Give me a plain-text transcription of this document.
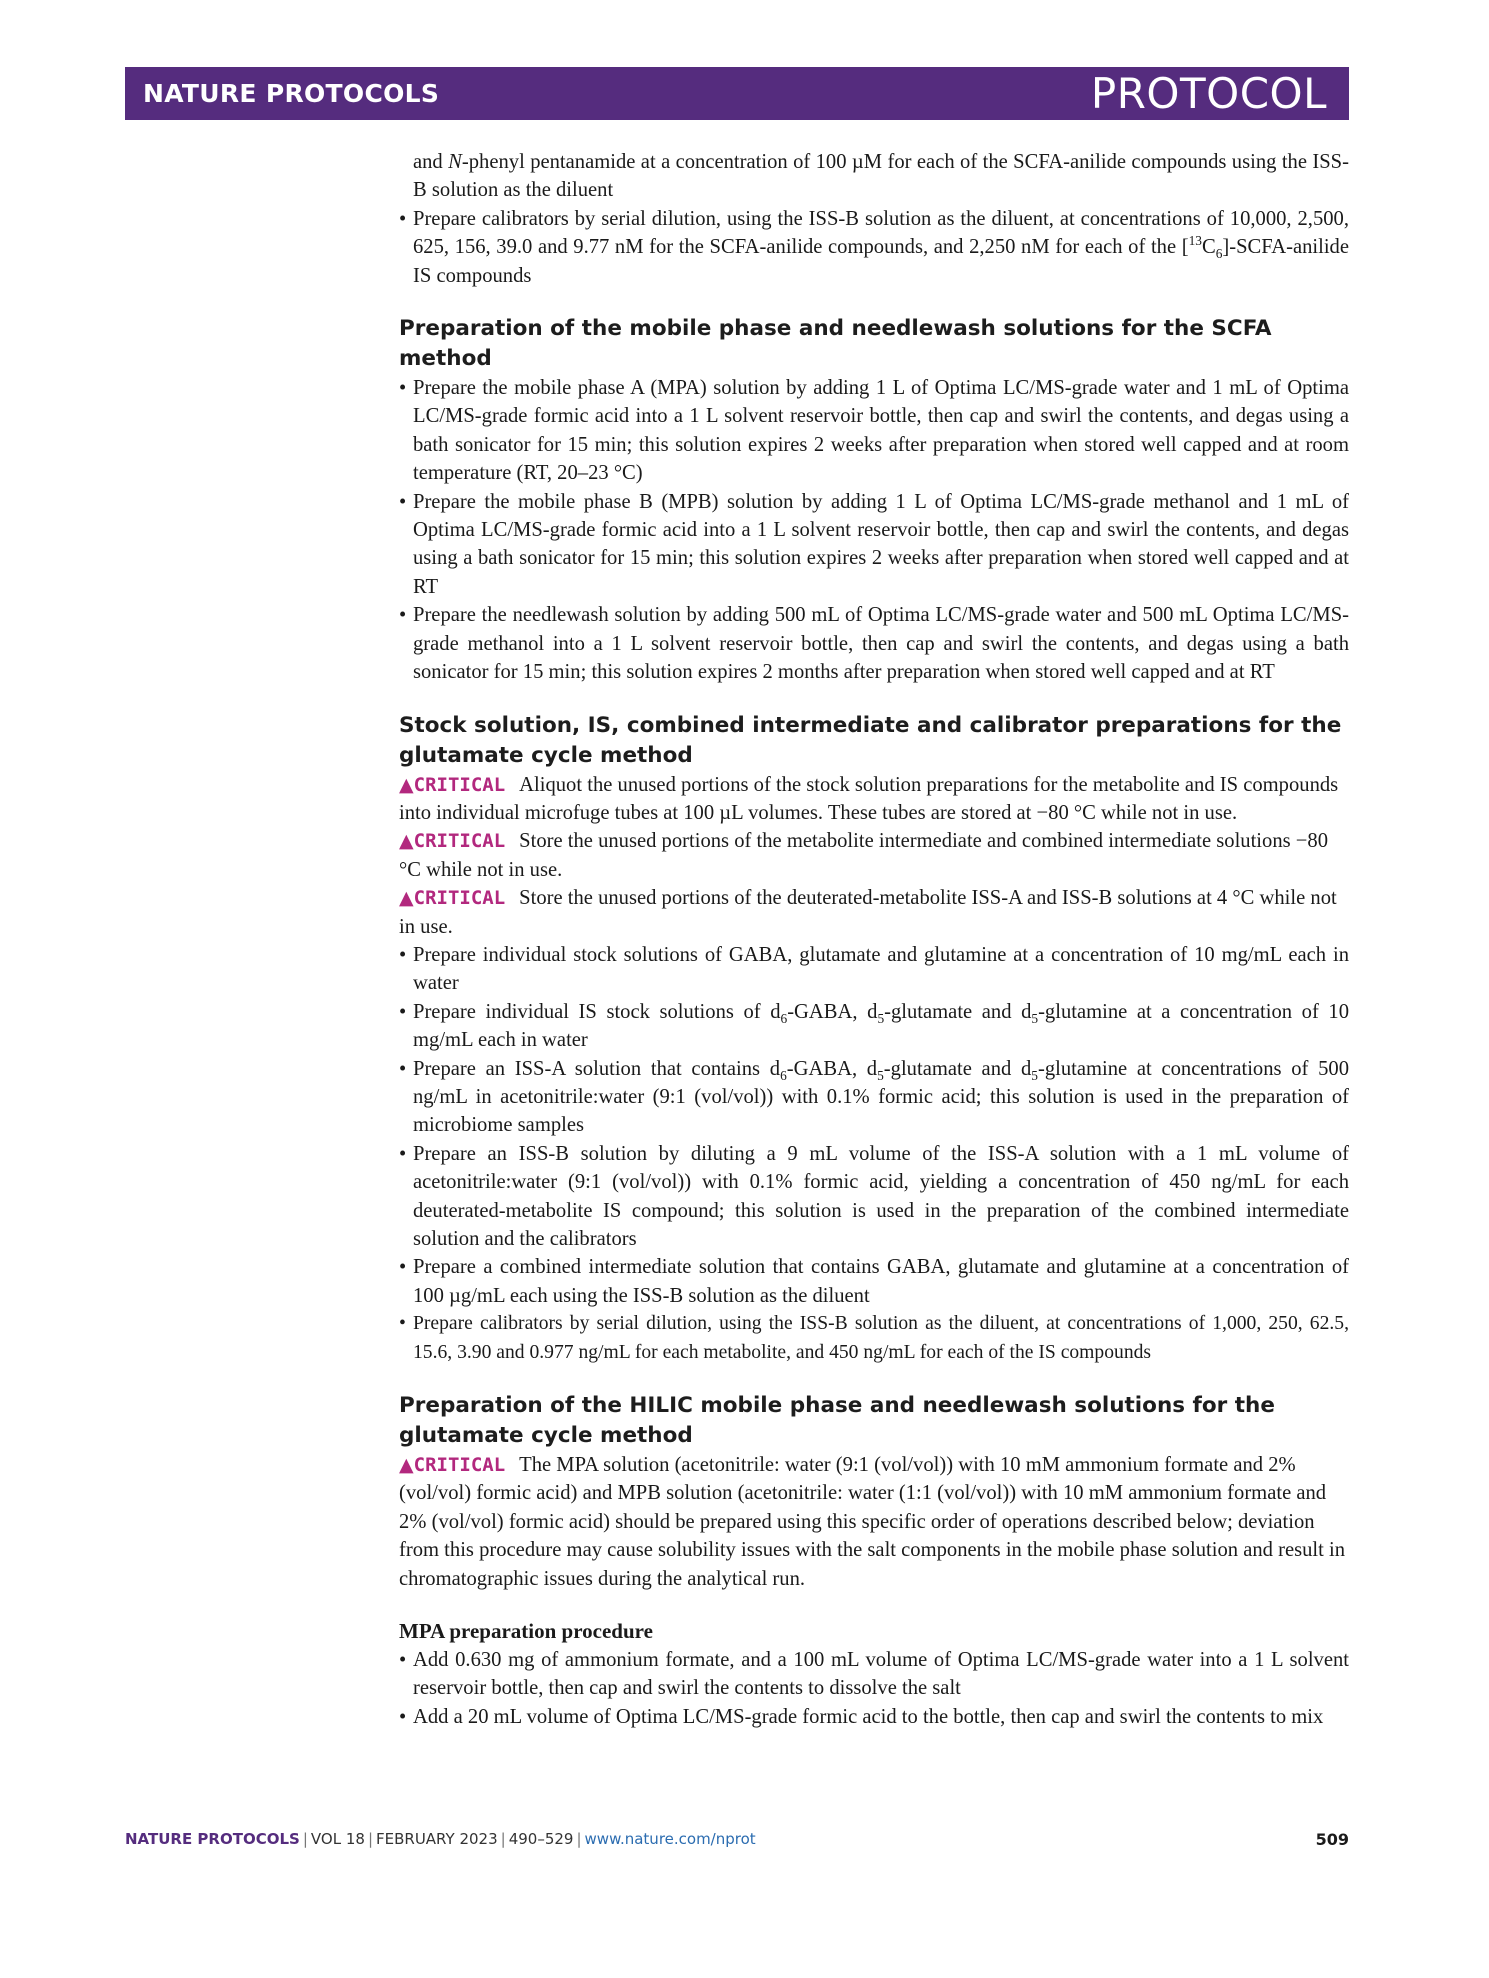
NATURE PROTOCOLS	PROTOCOL

and N-phenyl pentanamide at a concentration of 100 µM for each of the SCFA-anilide compounds using the ISS-B solution as the diluent

• Prepare calibrators by serial dilution, using the ISS-B solution as the diluent, at concentrations of 10,000, 2,500, 625, 156, 39.0 and 9.77 nM for the SCFA-anilide compounds, and 2,250 nM for each of the $[^{13}C_6]-SCFA$-anilide IS compounds

Preparation of the mobile phase and needlewash solutions for the SCFA method

• Prepare the mobile phase A (MPA) solution by adding 1 L of Optima LC/MS-grade water and 1 mL of Optima LC/MS-grade formic acid into a 1 L solvent reservoir bottle, then cap and swirl the contents, and degas using a bath sonicator for 15 min; this solution expires 2 weeks after preparation when stored well capped and at room temperature (RT, 20–23 °C)

• Prepare the mobile phase B (MPB) solution by adding 1 L of Optima LC/MS-grade methanol and 1 mL of Optima LC/MS-grade formic acid into a 1 L solvent reservoir bottle, then cap and swirl the contents, and degas using a bath sonicator for 15 min; this solution expires 2 weeks after preparation when stored well capped and at RT

• Prepare the needlewash solution by adding 500 mL of Optima LC/MS-grade water and 500 mL Optima LC/MS-grade methanol into a 1 L solvent reservoir bottle, then cap and swirl the contents, and degas using a bath sonicator for 15 min; this solution expires 2 months after preparation when stored well capped and at RT

Stock solution, IS, combined intermediate and calibrator preparations for the glutamate cycle method

▲CRITICAL Aliquot the unused portions of the stock solution preparations for the metabolite and IS compounds into individual microfuge tubes at 100 µL volumes. These tubes are stored at −80 °C while not in use.

▲CRITICAL Store the unused portions of the metabolite intermediate and combined intermediate solutions −80 °C while not in use.

▲CRITICAL Store the unused portions of the deuterated-metabolite ISS-A and ISS-B solutions at 4 °C while not in use.

• Prepare individual stock solutions of GABA, glutamate and glutamine at a concentration of 10 mg/mL each in water

• Prepare individual IS stock solutions of $d_6$-GABA, $d_5$-glutamate and $d_5$-glutamine at a concentration of 10 mg/mL each in water

• Prepare an ISS-A solution that contains $d_6$-GABA, $d_5$-glutamate and $d_5$-glutamine at concentrations of 500 ng/mL in acetonitrile:water (9:1 (vol/vol)) with 0.1% formic acid; this solution is used in the preparation of microbiome samples

• Prepare an ISS-B solution by diluting a 9 mL volume of the ISS-A solution with a 1 mL volume of acetonitrile:water (9:1 (vol/vol)) with 0.1% formic acid, yielding a concentration of 450 ng/mL for each deuterated-metabolite IS compound; this solution is used in the preparation of the combined intermediate solution and the calibrators

• Prepare a combined intermediate solution that contains GABA, glutamate and glutamine at a concentration of 100 µg/mL each using the ISS-B solution as the diluent

• Prepare calibrators by serial dilution, using the ISS-B solution as the diluent, at concentrations of 1,000, 250, 62.5, 15.6, 3.90 and 0.977 ng/mL for each metabolite, and 450 ng/mL for each of the IS compounds

Preparation of the HILIC mobile phase and needlewash solutions for the glutamate cycle method

▲CRITICAL The MPA solution (acetonitrile: water (9:1 (vol/vol)) with 10 mM ammonium formate and 2% (vol/vol) formic acid) and MPB solution (acetonitrile: water (1:1 (vol/vol)) with 10 mM ammonium formate and 2% (vol/vol) formic acid) should be prepared using this specific order of operations described below; deviation from this procedure may cause solubility issues with the salt components in the mobile phase solution and result in chromatographic issues during the analytical run.

MPA preparation procedure

• Add 0.630 mg of ammonium formate, and a 100 mL volume of Optima LC/MS-grade water into a 1 L solvent reservoir bottle, then cap and swirl the contents to dissolve the salt

• Add a 20 mL volume of Optima LC/MS-grade formic acid to the bottle, then cap and swirl the contents to mix

NATURE PROTOCOLS | VOL 18 | FEBRUARY 2023 | 490–529 | www.nature.com/nprot	509
